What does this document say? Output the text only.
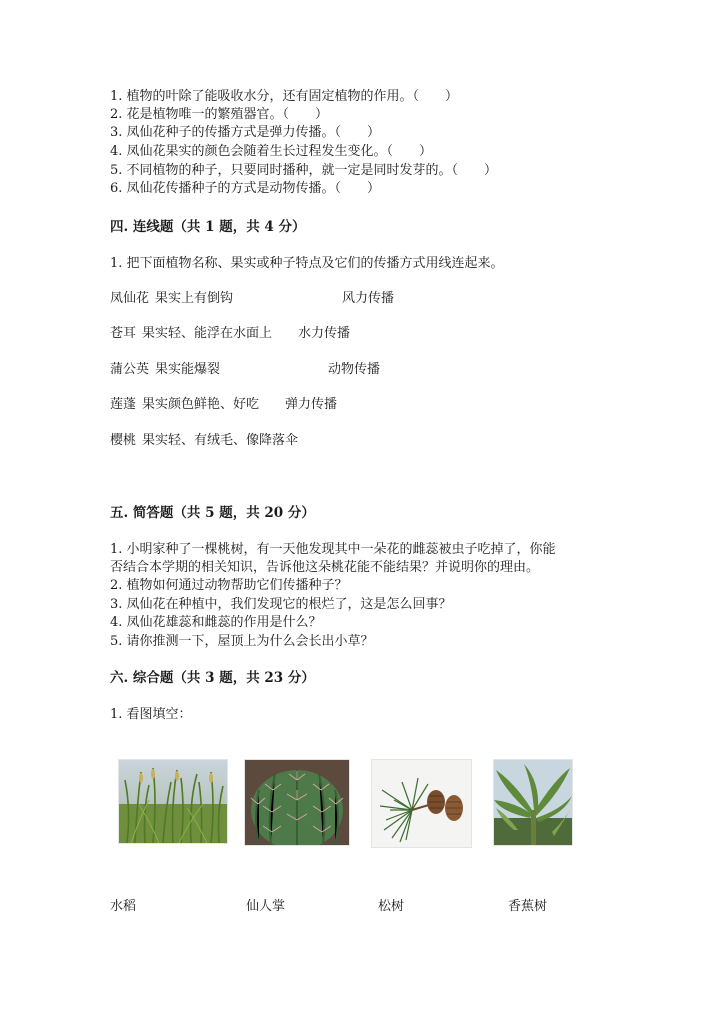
1. 植物的叶除了能吸收水分，还有固定植物的作用。（　　）
2. 花是植物唯一的繁殖器官。（　　）
3. 凤仙花种子的传播方式是弹力传播。（　　）
4. 凤仙花果实的颜色会随着生长过程发生变化。（　　）
5. 不同植物的种子，只要同时播种，就一定是同时发芽的。（　　）
6. 凤仙花传播种子的方式是动物传播。（　　）
四. 连线题（共 1 题，共 4 分）
1. 把下面植物名称、果实或种子特点及它们的传播方式用线连起来。
凤仙花 果实上有倒钩	风力传播
苍耳 果实轻、能浮在水面上 水力传播
蒲公英 果实能爆裂	动物传播
莲蓬 果实颜色鲜艳、好吃 弹力传播
樱桃 果实轻、有绒毛、像降落伞
五. 简答题（共 5 题，共 20 分）
1. 小明家种了一棵桃树，有一天他发现其中一朵花的雌蕊被虫子吃掉了，你能
否结合本学期的相关知识，告诉他这朵桃花能不能结果？并说明你的理由。
2. 植物如何通过动物帮助它们传播种子？
3. 凤仙花在种植中，我们发现它的根烂了，这是怎么回事？
4. 凤仙花雄蕊和雌蕊的作用是什么？
5. 请你推测一下，屋顶上为什么会长出小草？
六. 综合题（共 3 题，共 23 分）
1. 看图填空：
水稻	仙人掌	松树	香蕉树
